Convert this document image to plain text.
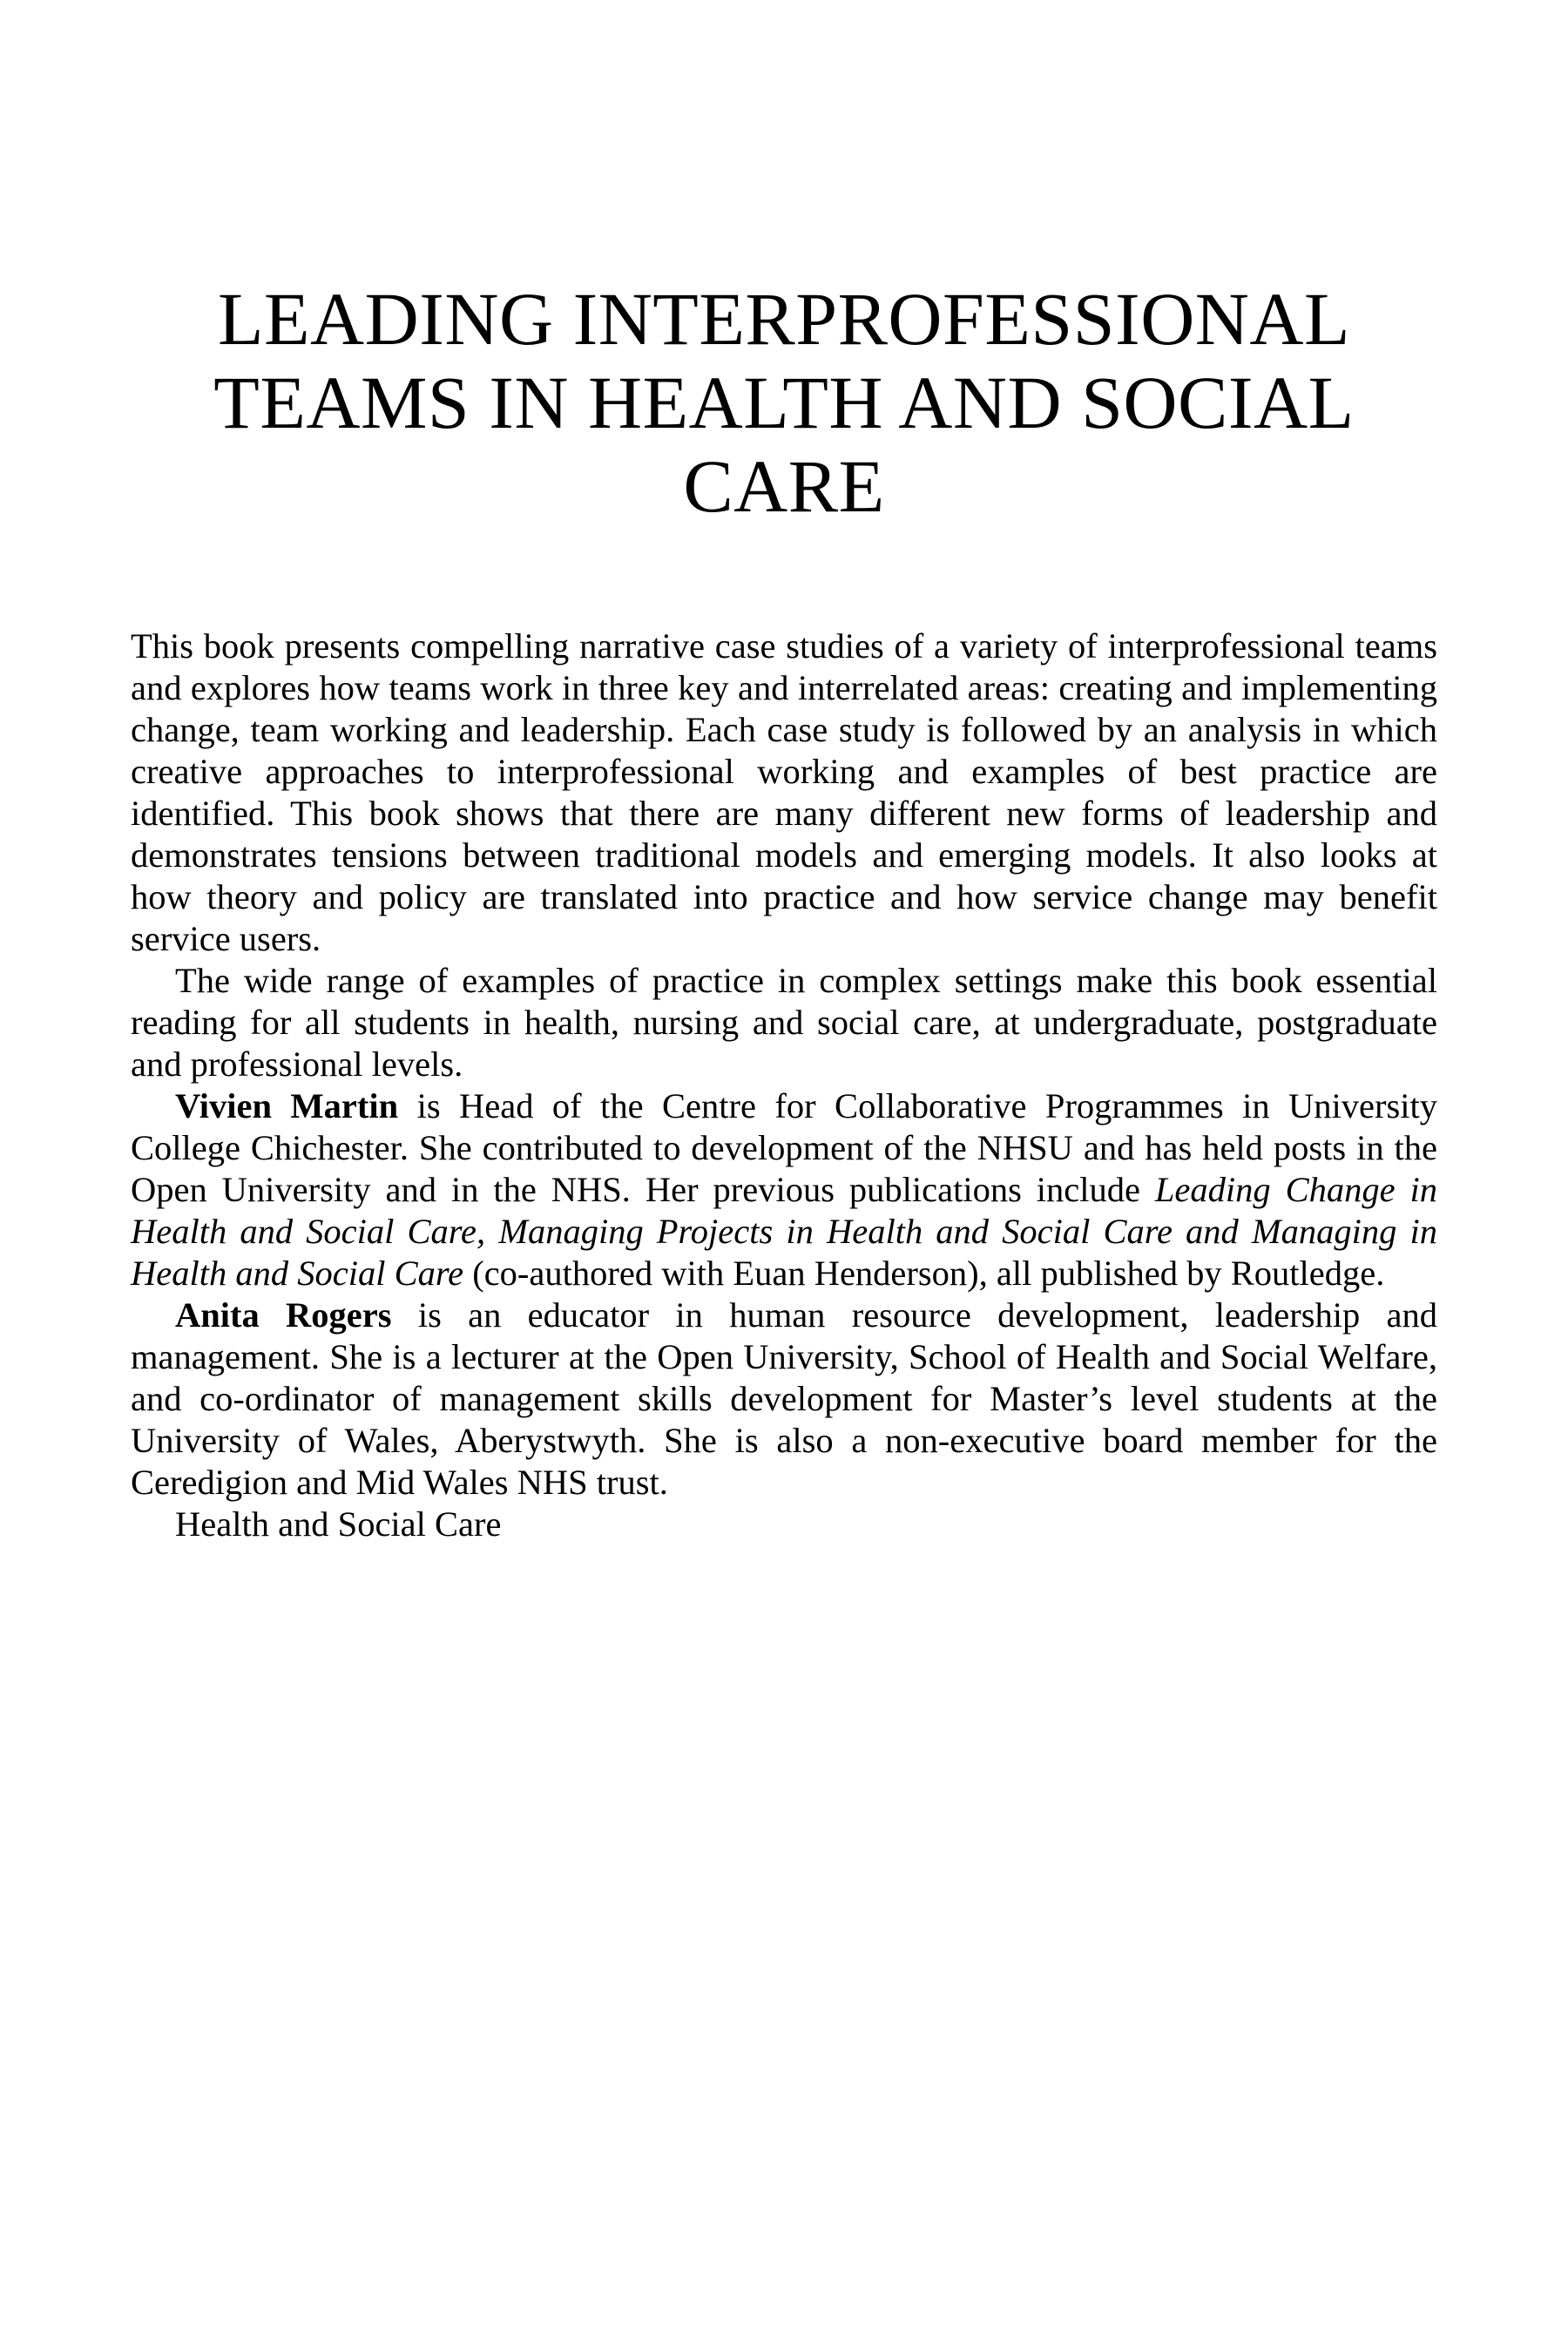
LEADING INTERPROFESSIONAL
TEAMS IN HEALTH AND SOCIAL
CARE

This book presents compelling narrative case studies of a variety of interprofessional teams and explores how teams work in three key and interrelated areas: creating and implementing change, team working and leadership. Each case study is followed by an analysis in which creative approaches to interprofessional working and examples of best practice are identified. This book shows that there are many different new forms of leadership and demonstrates tensions between traditional models and emerging models. It also looks at how theory and policy are translated into practice and how service change may benefit service users.

The wide range of examples of practice in complex settings make this book essential reading for all students in health, nursing and social care, at undergraduate, postgraduate and professional levels.

Vivien Martin is Head of the Centre for Collaborative Programmes in University College Chichester. She contributed to development of the NHSU and has held posts in the Open University and in the NHS. Her previous publications include Leading Change in Health and Social Care, Managing Projects in Health and Social Care and Managing in Health and Social Care (co-authored with Euan Henderson), all published by Routledge.

Anita Rogers is an educator in human resource development, leadership and management. She is a lecturer at the Open University, School of Health and Social Welfare, and co-ordinator of management skills development for Master’s level students at the University of Wales, Aberystwyth. She is also a non-executive board member for the Ceredigion and Mid Wales NHS trust.

Health and Social Care
